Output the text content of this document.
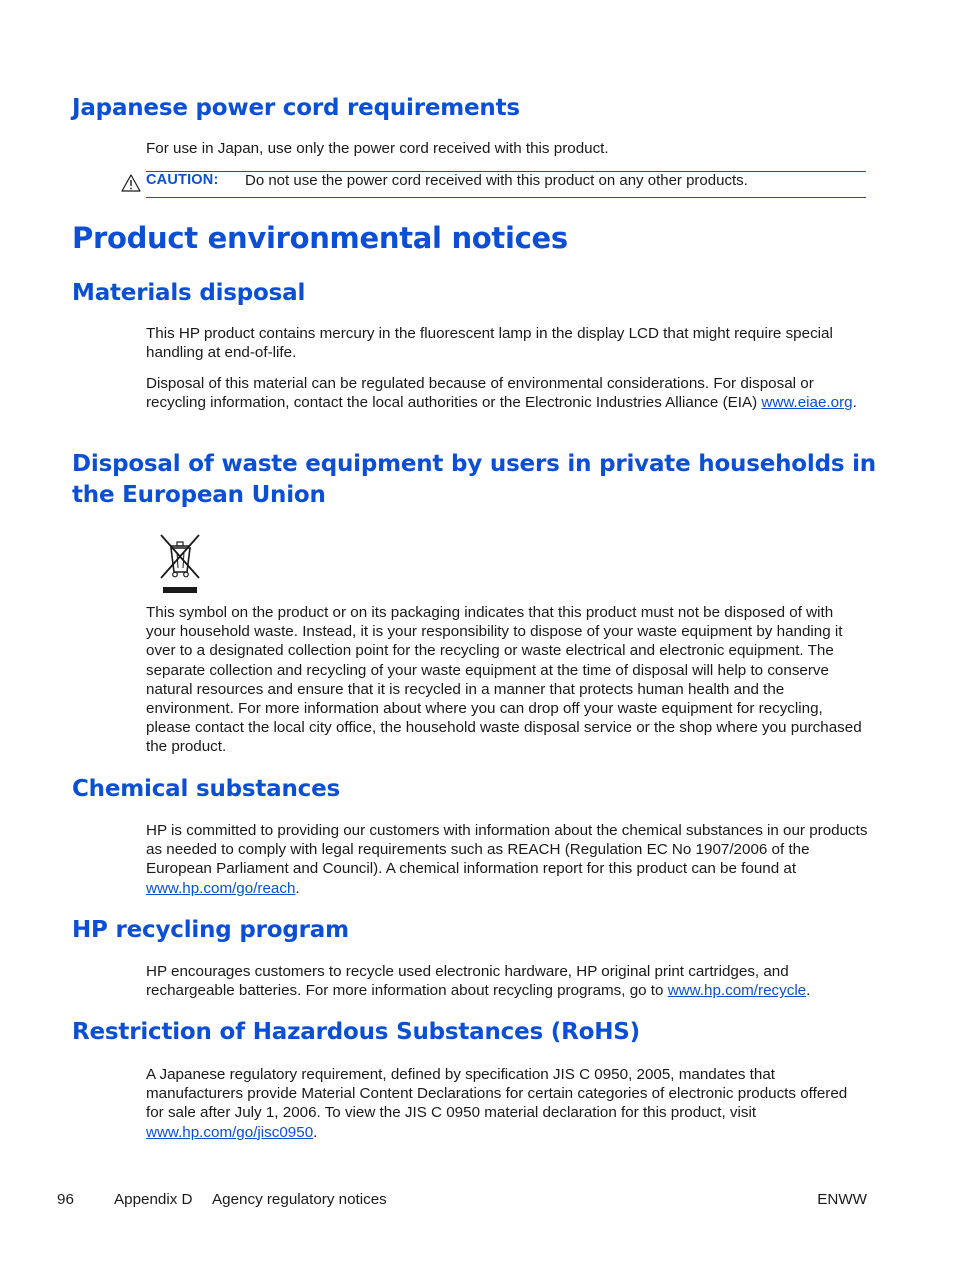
Japanese power cord requirements

For use in Japan, use only the power cord received with this product.

CAUTION: Do not use the power cord received with this product on any other products.
Product environmental notices
Materials disposal

This HP product contains mercury in the fluorescent lamp in the display LCD that might require special handling at end-of-life.

Disposal of this material can be regulated because of environmental considerations. For disposal or recycling information, contact the local authorities or the Electronic Industries Alliance (EIA) www.eiae.org.

Disposal of waste equipment by users in private households in the European Union

This symbol on the product or on its packaging indicates that this product must not be disposed of with your household waste. Instead, it is your responsibility to dispose of your waste equipment by handing it over to a designated collection point for the recycling or waste electrical and electronic equipment. The separate collection and recycling of your waste equipment at the time of disposal will help to conserve natural resources and ensure that it is recycled in a manner that protects human health and the environment. For more information about where you can drop off your waste equipment for recycling, please contact the local city office, the household waste disposal service or the shop where you purchased the product.

Chemical substances

HP is committed to providing our customers with information about the chemical substances in our products as needed to comply with legal requirements such as REACH (Regulation EC No 1907/2006 of the European Parliament and Council). A chemical information report for this product can be found at www.hp.com/go/reach.

HP recycling program

HP encourages customers to recycle used electronic hardware, HP original print cartridges, and rechargeable batteries. For more information about recycling programs, go to www.hp.com/recycle.

Restriction of Hazardous Substances (RoHS)

A Japanese regulatory requirement, defined by specification JIS C 0950, 2005, mandates that manufacturers provide Material Content Declarations for certain categories of electronic products offered for sale after July 1, 2006. To view the JIS C 0950 material declaration for this product, visit www.hp.com/go/jisc0950.

96	Appendix D Agency regulatory notices	ENWW
